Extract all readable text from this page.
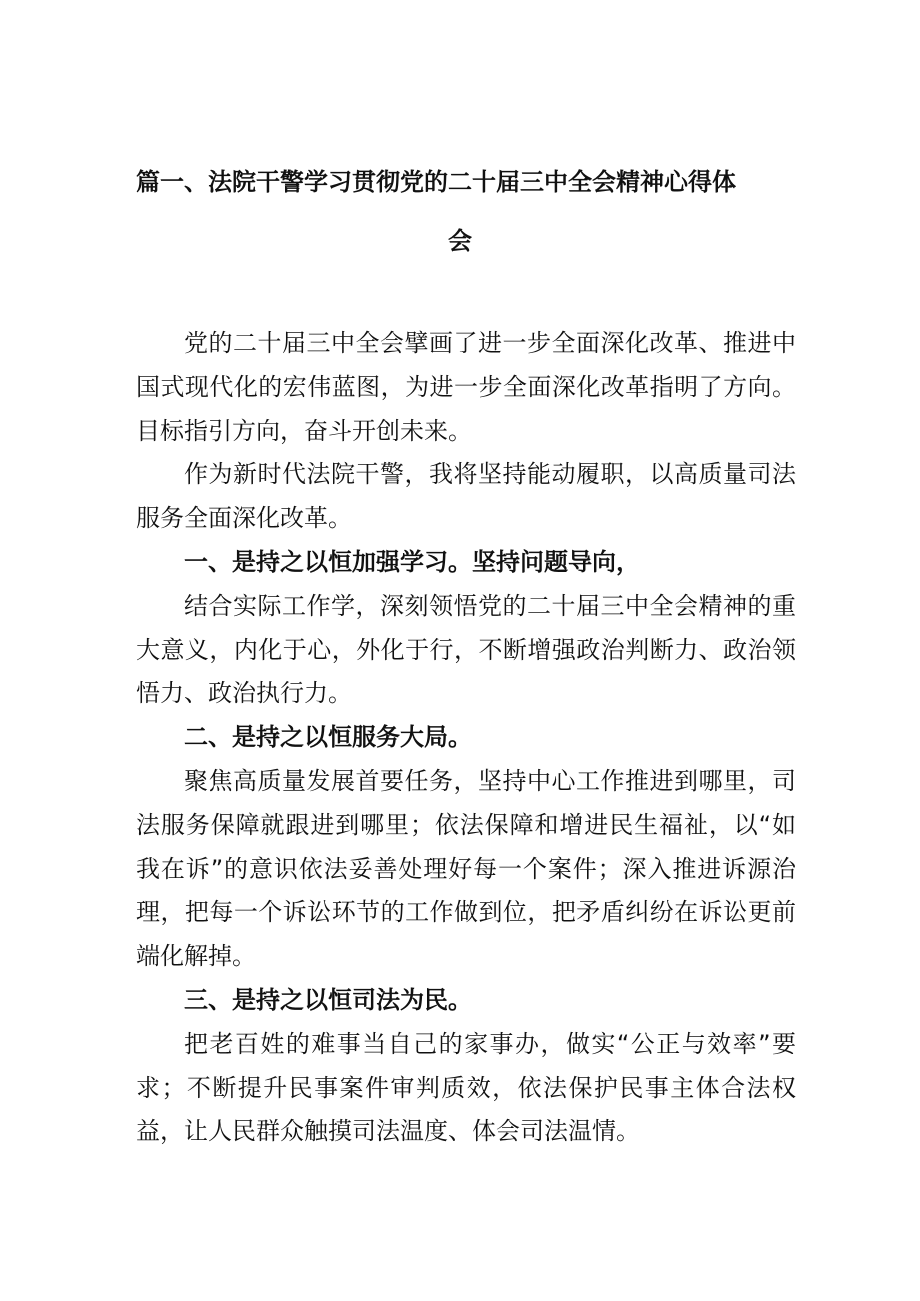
篇一、法院干警学习贯彻党的二十届三中全会精神心得体
会

党的二十届三中全会擘画了进一步全面深化改革、推进中国式现代化的宏伟蓝图，为进一步全面深化改革指明了方向。目标指引方向，奋斗开创未来。

作为新时代法院干警，我将坚持能动履职，以高质量司法服务全面深化改革。

一、是持之以恒加强学习。坚持问题导向，

结合实际工作学，深刻领悟党的二十届三中全会精神的重大意义，内化于心，外化于行，不断增强政治判断力、政治领悟力、政治执行力。

二、是持之以恒服务大局。

聚焦高质量发展首要任务，坚持中心工作推进到哪里，司法服务保障就跟进到哪里；依法保障和增进民生福祉，以“如我在诉”的意识依法妥善处理好每一个案件；深入推进诉源治理，把每一个诉讼环节的工作做到位，把矛盾纠纷在诉讼更前端化解掉。

三、是持之以恒司法为民。

把老百姓的难事当自己的家事办，做实“公正与效率”要求；不断提升民事案件审判质效，依法保护民事主体合法权益，让人民群众触摸司法温度、体会司法温情。
